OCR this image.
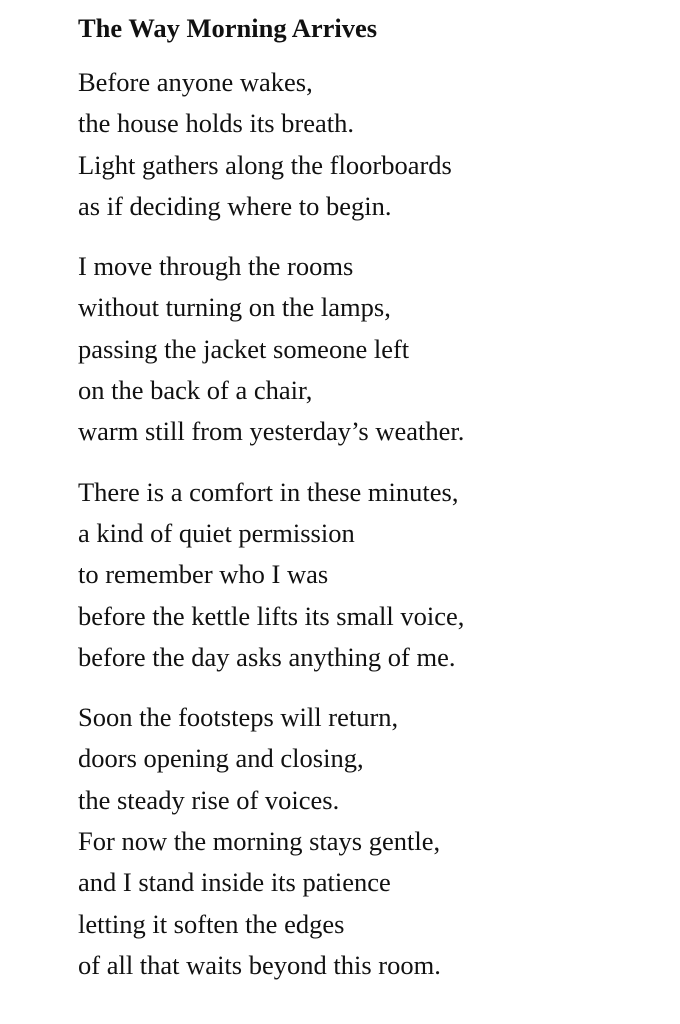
The Way Morning Arrives
Before anyone wakes,
the house holds its breath.
Light gathers along the floorboards
as if deciding where to begin.
I move through the rooms
without turning on the lamps,
passing the jacket someone left
on the back of a chair,
warm still from yesterday’s weather.
There is a comfort in these minutes,
a kind of quiet permission
to remember who I was
before the kettle lifts its small voice,
before the day asks anything of me.
Soon the footsteps will return,
doors opening and closing,
the steady rise of voices.
For now the morning stays gentle,
and I stand inside its patience
letting it soften the edges
of all that waits beyond this room.
